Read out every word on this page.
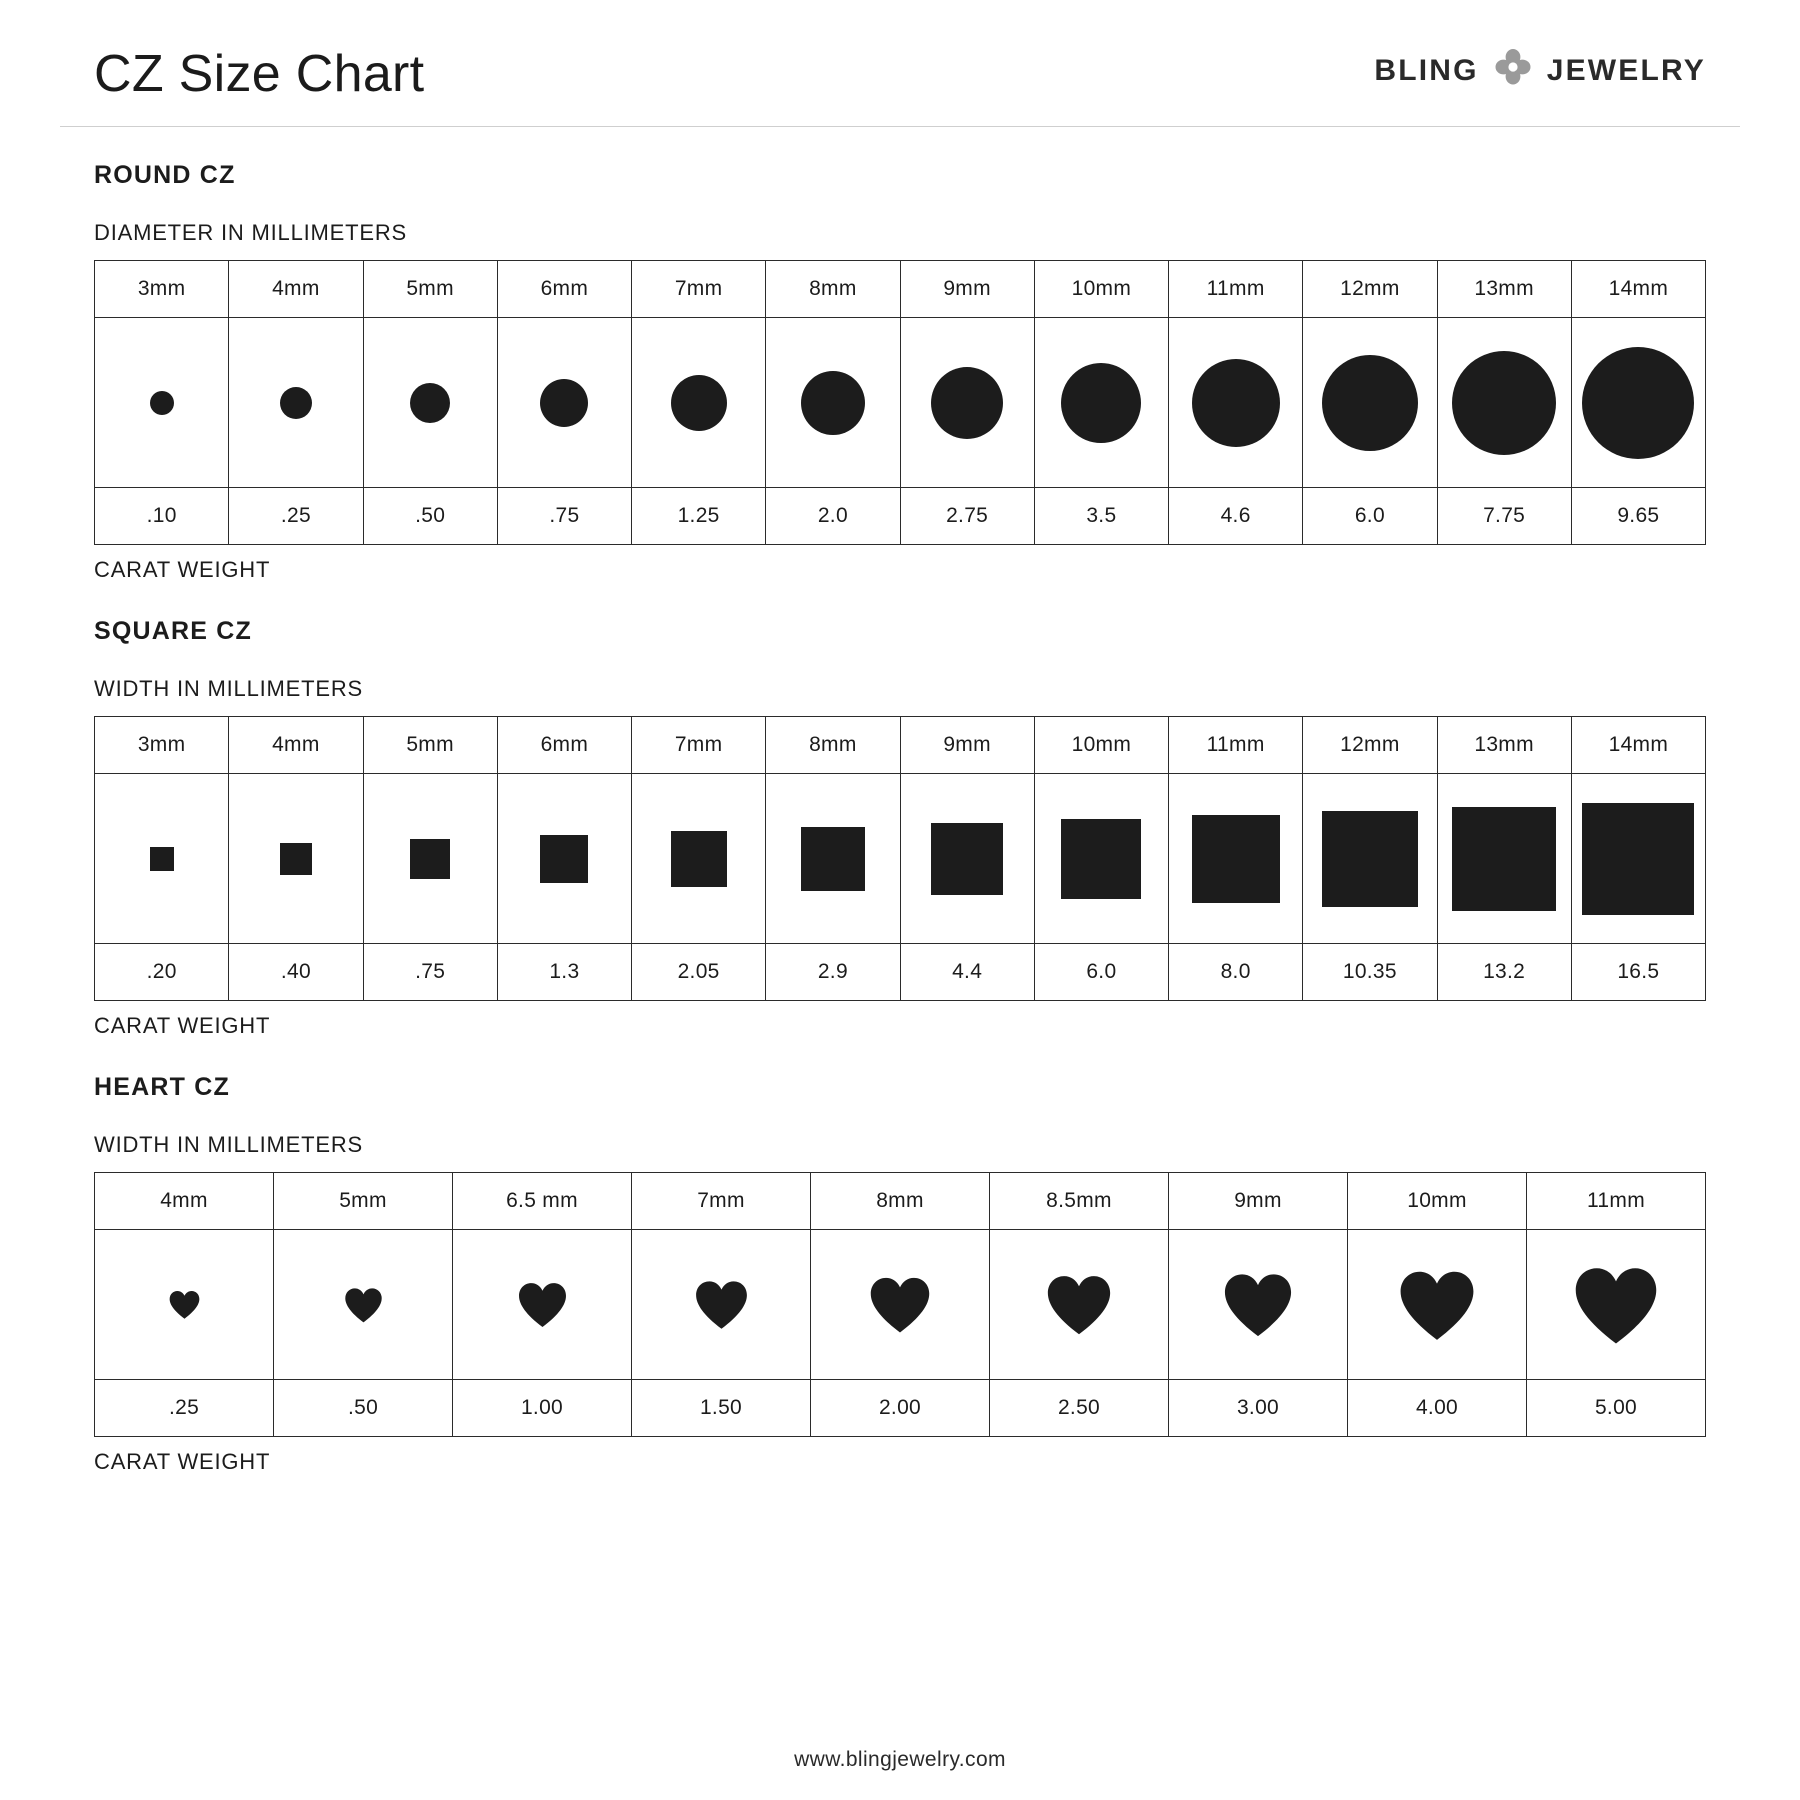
CZ Size Chart	BLING JEWELRY
ROUND CZ
DIAMETER IN MILLIMETERS
3mm	4mm	5mm	6mm	7mm	8mm	9mm	10mm	11mm	12mm	13mm	14mm

.10	.25	.50	.75	1.25	2.0	2.75	3.5	4.6	6.0	7.75	9.65
CARAT WEIGHT
SQUARE CZ
WIDTH IN MILLIMETERS
3mm	4mm	5mm	6mm	7mm	8mm	9mm	10mm	11mm	12mm	13mm	14mm

.20	.40	.75	1.3	2.05	2.9	4.4	6.0	8.0	10.35	13.2	16.5
CARAT WEIGHT
HEART CZ
WIDTH IN MILLIMETERS
4mm	5mm	6.5 mm	7mm	8mm	8.5mm	9mm	10mm	11mm

.25	.50	1.00	1.50	2.00	2.50	3.00	4.00	5.00
CARAT WEIGHT
www.blingjewelry.com
